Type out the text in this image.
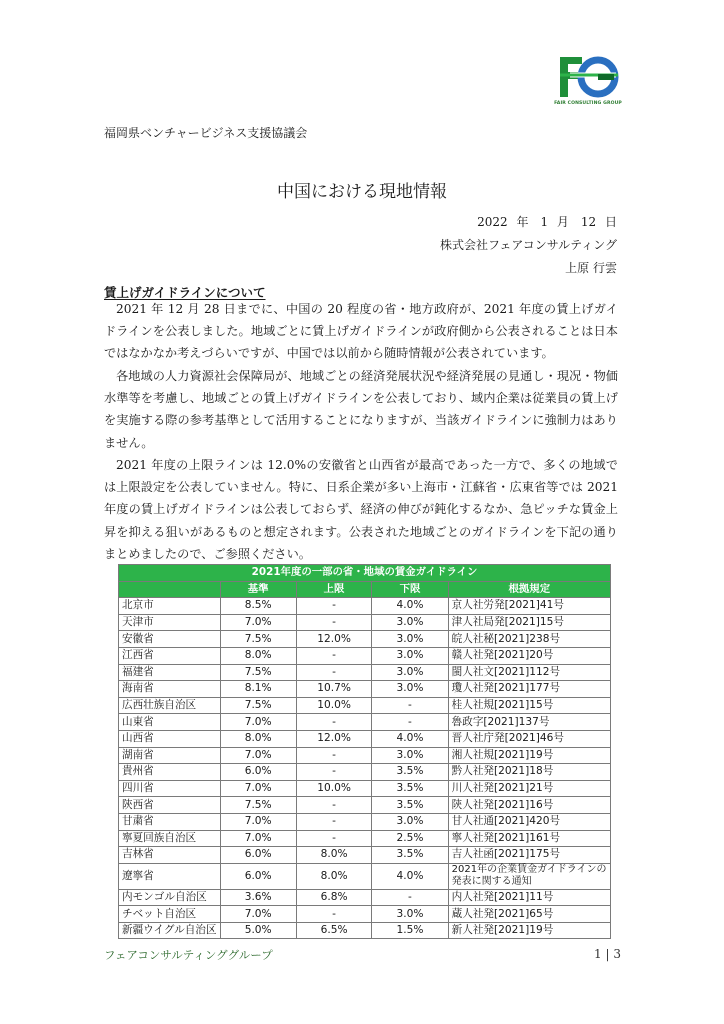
FAIR CONSULTING GROUP
福岡県ベンチャービジネス支援協議会
中国における現地情報
2022 年　1 月　12 日
株式会社フェアコンサルティング
上原 行雲
賃上げガイドラインについて
2021 年 12 月 28 日までに、中国の 20 程度の省・地方政府が、2021 年度の賃上げガイドラインを公表しました。地域ごとに賃上げガイドラインが政府側から公表されることは日本ではなかなか考えづらいですが、中国では以前から随時情報が公表されています。
各地域の人力資源社会保障局が、地域ごとの経済発展状況や経済発展の見通し・現况・物価水準等を考慮し、地域ごとの賃上げガイドラインを公表しており、域内企業は従業員の賃上げを実施する際の参考基準として活用することになりますが、当該ガイドラインに強制力はありません。
2021 年度の上限ラインは 12.0%の安徽省と山西省が最高であった一方で、多くの地域では上限設定を公表していません。特に、日系企業が多い上海市・江蘇省・広東省等では 2021 年度の賃上げガイドラインは公表しておらず、経済の伸びが鈍化するなか、急ピッチな賃金上昇を抑える狙いがあるものと想定されます。公表された地域ごとのガイドラインを下記の通りまとめましたので、ご参照ください。
2021年度の一部の省・地域の賃金ガイドライン				
	基準	上限	下限	根拠規定
北京市	8.5%	-	4.0%	京人社労発[2021]41号
天津市	7.0%	-	3.0%	津人社局発[2021]15号
安徽省	7.5%	12.0%	3.0%	皖人社秘[2021]238号
江西省	8.0%	-	3.0%	赣人社発[2021]20号
福建省	7.5%	-	3.0%	閩人社文[2021]112号
海南省	8.1%	10.7%	3.0%	瓊人社発[2021]177号
広西壮族自治区	7.5%	10.0%	-	桂人社規[2021]15号
山東省	7.0%	-	-	魯政字[2021]137号
山西省	8.0%	12.0%	4.0%	晋人社庁発[2021]46号
湖南省	7.0%	-	3.0%	湘人社規[2021]19号
貴州省	6.0%	-	3.5%	黔人社発[2021]18号
四川省	7.0%	10.0%	3.5%	川人社発[2021]21号
陝西省	7.5%	-	3.5%	陝人社発[2021]16号
甘粛省	7.0%	-	3.0%	甘人社通[2021]420号
寧夏回族自治区	7.0%	-	2.5%	寧人社発[2021]161号
吉林省	6.0%	8.0%	3.5%	吉人社函[2021]175号
遼寧省	6.0%	8.0%	4.0%	2021年の企業賃金ガイドラインの発表に関する通知
内モンゴル自治区	3.6%	6.8%	-	内人社発[2021]11号
チベット自治区	7.0%	-	3.0%	蔵人社発[2021]65号
新疆ウイグル自治区	5.0%	6.5%	1.5%	新人社発[2021]19号
フェアコンサルティンググループ	1 | 3
